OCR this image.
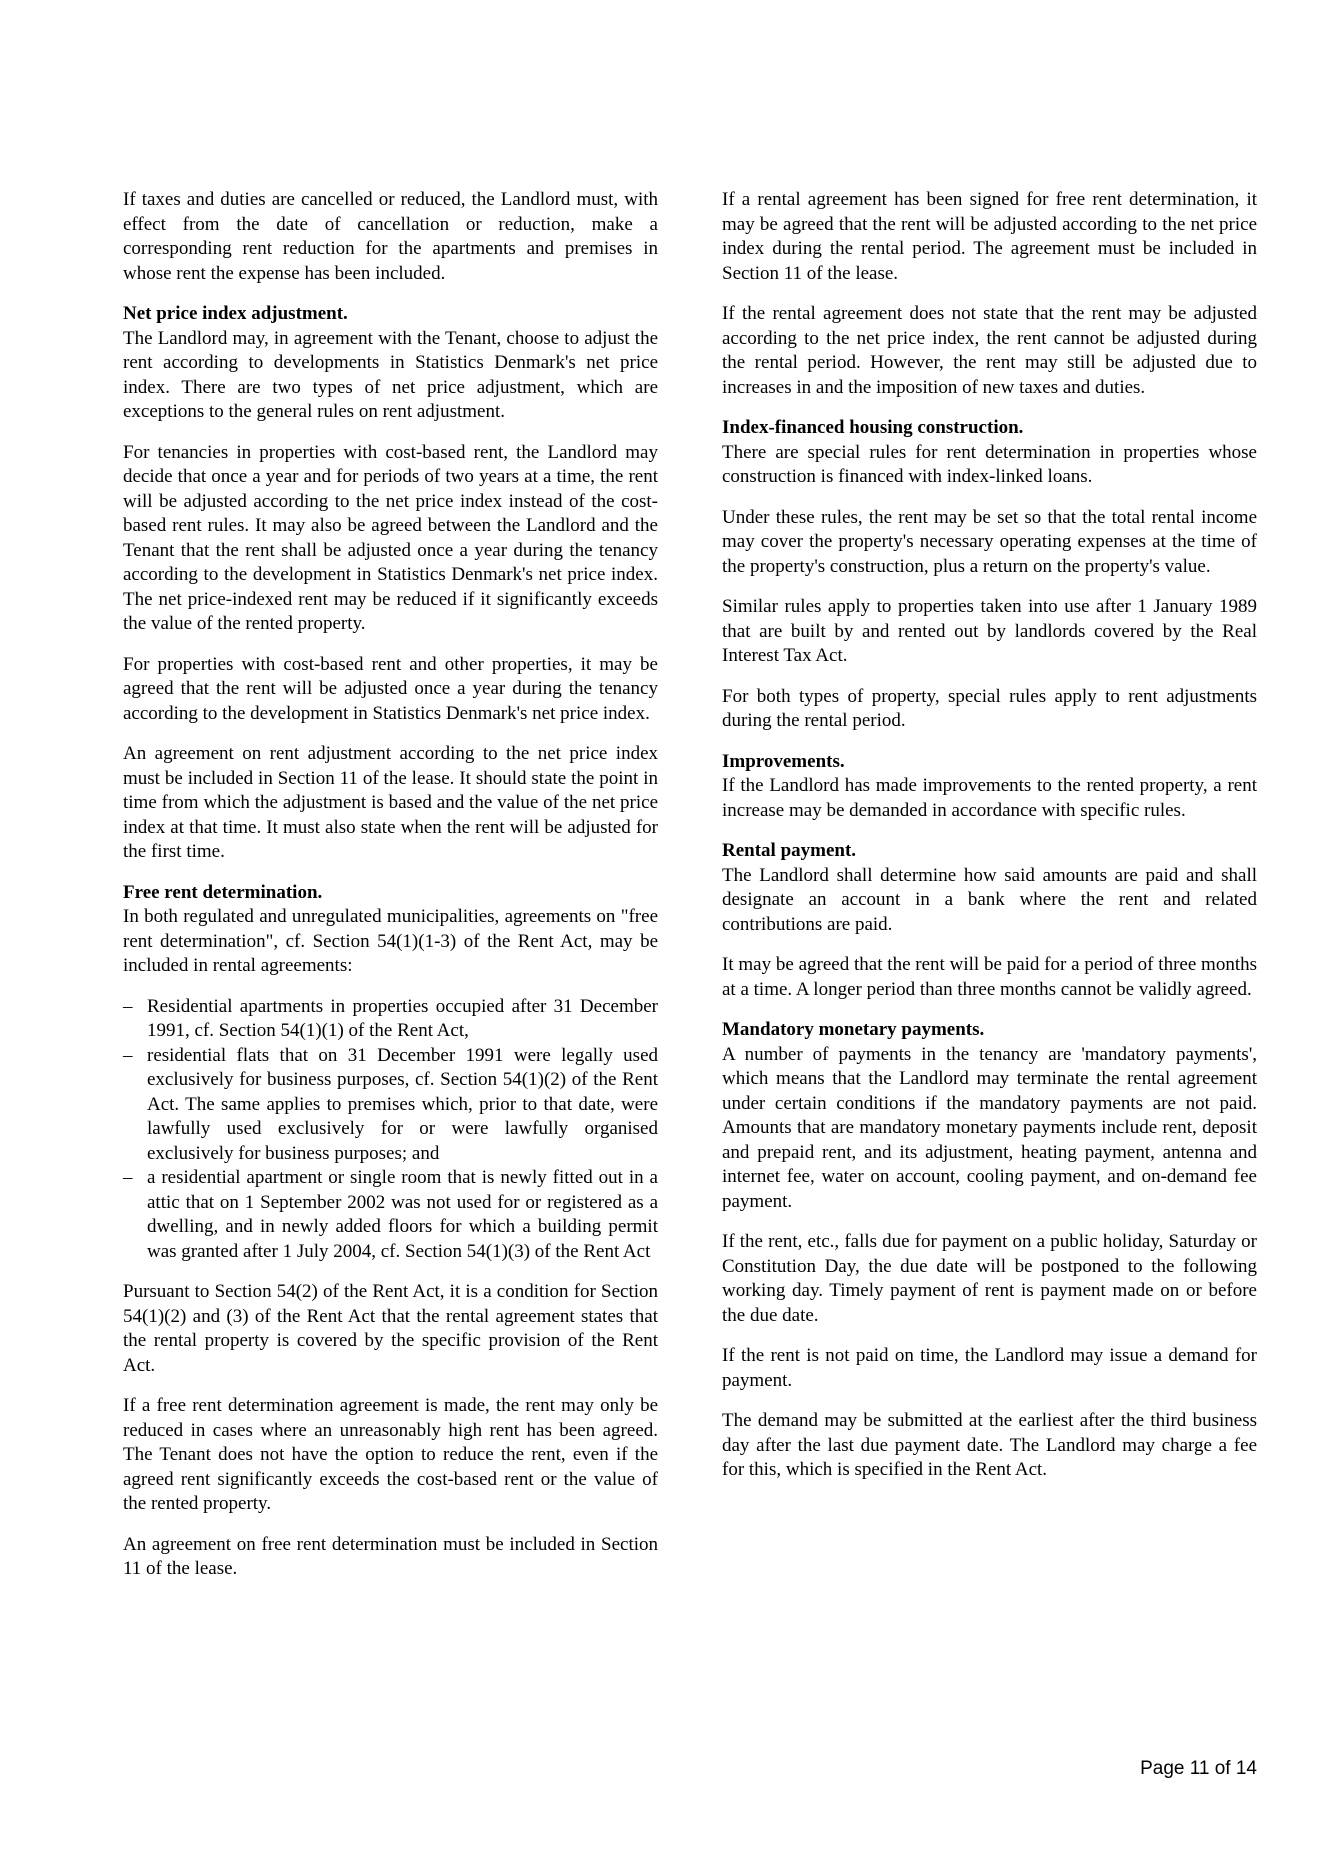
If taxes and duties are cancelled or reduced, the Landlord must, with effect from the date of cancellation or reduction, make a corresponding rent reduction for the apartments and premises in whose rent the expense has been included.
Net price index adjustment.
The Landlord may, in agreement with the Tenant, choose to adjust the rent according to developments in Statistics Denmark's net price index. There are two types of net price adjustment, which are exceptions to the general rules on rent adjustment.
For tenancies in properties with cost-based rent, the Landlord may decide that once a year and for periods of two years at a time, the rent will be adjusted according to the net price index instead of the cost-based rent rules. It may also be agreed between the Landlord and the Tenant that the rent shall be adjusted once a year during the tenancy according to the development in Statistics Denmark's net price index. The net price-indexed rent may be reduced if it significantly exceeds the value of the rented property.
For properties with cost-based rent and other properties, it may be agreed that the rent will be adjusted once a year during the tenancy according to the development in Statistics Denmark's net price index.
An agreement on rent adjustment according to the net price index must be included in Section 11 of the lease. It should state the point in time from which the adjustment is based and the value of the net price index at that time. It must also state when the rent will be adjusted for the first time.
Free rent determination.
In both regulated and unregulated municipalities, agreements on "free rent determination", cf. Section 54(1)(1-3) of the Rent Act, may be included in rental agreements:
– Residential apartments in properties occupied after 31 December 1991, cf. Section 54(1)(1) of the Rent Act,
– residential flats that on 31 December 1991 were legally used exclusively for business purposes, cf. Section 54(1)(2) of the Rent Act. The same applies to premises which, prior to that date, were lawfully used exclusively for or were lawfully organised exclusively for business purposes; and
– a residential apartment or single room that is newly fitted out in a attic that on 1 September 2002 was not used for or registered as a dwelling, and in newly added floors for which a building permit was granted after 1 July 2004, cf. Section 54(1)(3) of the Rent Act
Pursuant to Section 54(2) of the Rent Act, it is a condition for Section 54(1)(2) and (3) of the Rent Act that the rental agreement states that the rental property is covered by the specific provision of the Rent Act.
If a free rent determination agreement is made, the rent may only be reduced in cases where an unreasonably high rent has been agreed. The Tenant does not have the option to reduce the rent, even if the agreed rent significantly exceeds the cost-based rent or the value of the rented property.
An agreement on free rent determination must be included in Section 11 of the lease.
If a rental agreement has been signed for free rent determination, it may be agreed that the rent will be adjusted according to the net price index during the rental period. The agreement must be included in Section 11 of the lease.
If the rental agreement does not state that the rent may be adjusted according to the net price index, the rent cannot be adjusted during the rental period. However, the rent may still be adjusted due to increases in and the imposition of new taxes and duties.
Index-financed housing construction.
There are special rules for rent determination in properties whose construction is financed with index-linked loans.
Under these rules, the rent may be set so that the total rental income may cover the property's necessary operating expenses at the time of the property's construction, plus a return on the property's value.
Similar rules apply to properties taken into use after 1 January 1989 that are built by and rented out by landlords covered by the Real Interest Tax Act.
For both types of property, special rules apply to rent adjustments during the rental period.
Improvements.
If the Landlord has made improvements to the rented property, a rent increase may be demanded in accordance with specific rules.
Rental payment.
The Landlord shall determine how said amounts are paid and shall designate an account in a bank where the rent and related contributions are paid.
It may be agreed that the rent will be paid for a period of three months at a time. A longer period than three months cannot be validly agreed.
Mandatory monetary payments.
A number of payments in the tenancy are 'mandatory payments', which means that the Landlord may terminate the rental agreement under certain conditions if the mandatory payments are not paid. Amounts that are mandatory monetary payments include rent, deposit and prepaid rent, and its adjustment, heating payment, antenna and internet fee, water on account, cooling payment, and on-demand fee payment.
If the rent, etc., falls due for payment on a public holiday, Saturday or Constitution Day, the due date will be postponed to the following working day. Timely payment of rent is payment made on or before the due date.
If the rent is not paid on time, the Landlord may issue a demand for payment.
The demand may be submitted at the earliest after the third business day after the last due payment date. The Landlord may charge a fee for this, which is specified in the Rent Act.
Page 11 of 14
